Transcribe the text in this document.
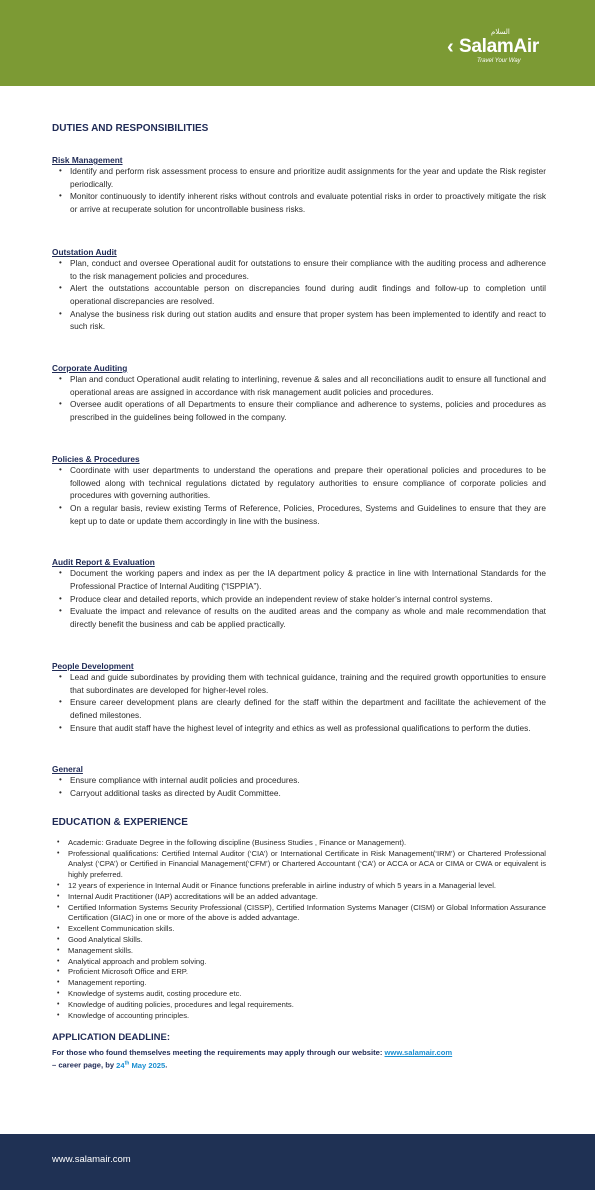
السلام
‹ SalamAir
Travel Your Way
DUTIES AND RESPONSIBILITIES
Risk Management
• Identify and perform risk assessment process to ensure and prioritize audit assignments for the year and update the Risk register periodically.
• Monitor continuously to identify inherent risks without controls and evaluate potential risks in order to proactively mitigate the risk or arrive at recuperate solution for uncontrollable business risks.
Outstation Audit
• Plan, conduct and oversee Operational audit for outstations to ensure their compliance with the auditing process and adherence to the risk management policies and procedures.
• Alert the outstations accountable person on discrepancies found during audit findings and follow-up to completion until operational discrepancies are resolved.
• Analyse the business risk during out station audits and ensure that proper system has been implemented to identify and react to such risk.
Corporate Auditing
• Plan and conduct Operational audit relating to interlining, revenue & sales and all reconciliations audit to ensure all functional and operational areas are assigned in accordance with risk management audit policies and procedures.
• Oversee audit operations of all Departments to ensure their compliance and adherence to systems, policies and procedures as prescribed in the guidelines being followed in the company.
Policies & Procedures
• Coordinate with user departments to understand the operations and prepare their operational policies and procedures to be followed along with technical regulations dictated by regulatory authorities to ensure compliance of corporate policies and procedures with governing authorities.
• On a regular basis, review existing Terms of Reference, Policies, Procedures, Systems and Guidelines to ensure that they are kept up to date or update them accordingly in line with the business.
Audit Report & Evaluation
• Document the working papers and index as per the IA department policy & practice in line with International Standards for the Professional Practice of Internal Auditing (“ISPPIA”).
• Produce clear and detailed reports, which provide an independent review of stake holder’s internal control systems.
• Evaluate the impact and relevance of results on the audited areas and the company as whole and male recommendation that directly benefit the business and cab be applied practically.
People Development
• Lead and guide subordinates by providing them with technical guidance, training and the required growth opportunities to ensure that subordinates are developed for higher-level roles.
• Ensure career development plans are clearly defined for the staff within the department and facilitate the achievement of the defined milestones.
• Ensure that audit staff have the highest level of integrity and ethics as well as professional qualifications to perform the duties.
General
• Ensure compliance with internal audit policies and procedures.
• Carryout additional tasks as directed by Audit Committee.
EDUCATION & EXPERIENCE
• Academic: Graduate Degree in the following discipline (Business Studies , Finance or Management).
• Professional qualifications: Certified Internal Auditor (‘CIA’) or International Certificate in Risk Management(‘IRM’) or Chartered Professional Analyst (‘CPA’) or Certified in Financial Management(‘CFM’) or Chartered Accountant (‘CA’) or ACCA or ACA or CIMA or CWA or equivalent is highly preferred.
• 12 years of experience in Internal Audit or Finance functions preferable in airline industry of which 5 years in a Managerial level.
• Internal Audit Practitioner (IAP) accreditations will be an added advantage.
• Certified Information Systems Security Professional (CISSP), Certified Information Systems Manager (CISM) or Global Information Assurance Certification (GIAC) in one or more of the above is added advantage.
• Excellent Communication skills.
• Good Analytical Skills.
• Management skills.
• Analytical approach and problem solving.
• Proficient Microsoft Office and ERP.
• Management reporting.
• Knowledge of systems audit, costing procedure etc.
• Knowledge of auditing policies, procedures and legal requirements.
• Knowledge of accounting principles.
APPLICATION DEADLINE:
For those who found themselves meeting the requirements may apply through our website: www.salamair.com
– career page, by 24th May 2025.
www.salamair.com
